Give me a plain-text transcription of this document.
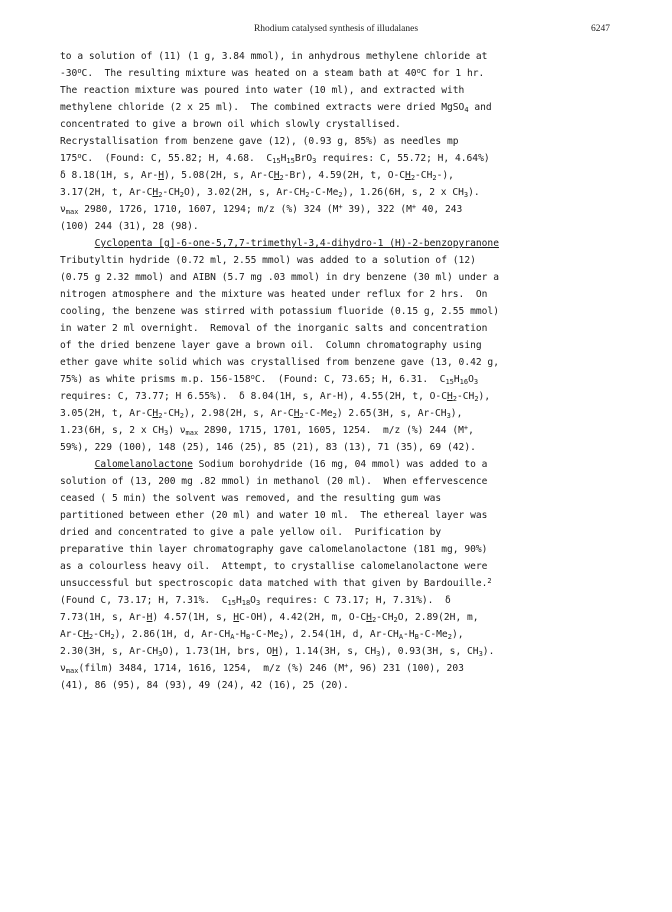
Rhodium catalysed synthesis of illudalanes	6247
to a solution of (11) (1 g, 3.84 mmol), in anhydrous methylene chloride at
-30$^o$C.  The resulting mixture was heated on a steam bath at 40$^o$C for 1 hr.
The reaction mixture was poured into water (10 ml), and extracted with
methylene chloride (2 x 25 ml).  The combined extracts were dried MgSO$_4$ and
concentrated to give a brown oil which slowly crystallised.
Recrystallisation from benzene gave (12), (0.93 g, 85%) as needles mp
175$^o$C.  (Found: C, 55.82; H, 4.68.  $C_{15}H_{15}BrO_3$ requires: C, 55.72; H, 4.64%)
δ 8.18(1H, s, Ar-H), 5.08(2H, s, $Ar-CH_2-Br$), 4.59(2H, t, $O-CH_2-CH_2-$),
3.17(2H, t, $Ar-CH_2-CH_2O$), 3.02(2H, s, $Ar-CH_2-C-Me_2$), 1.26(6H, s, 2 x $CH_3$).
$\nu_{max}$ 2980, 1726, 1710, 1607, 1294; m/z (%) 324 (M+ 39), 322 (M+ 40, 243
(100) 244 (31), 28 (98).
Cyclopenta [g]-6-one-5,7,7-trimethyl-3,4-dihydro-1 (H)-2-benzopyranone
Tributyltin hydride (0.72 ml, 2.55 mmol) was added to a solution of (12)
(0.75 g 2.32 mmol) and AIBN (5.7 mg .03 mmol) in dry benzene (30 ml) under a
nitrogen atmosphere and the mixture was heated under reflux for 2 hrs.  On
cooling, the benzene was stirred with potassium fluoride (0.15 g, 2.55 mmol)
in water 2 ml overnight.  Removal of the inorganic salts and concentration
of the dried benzene layer gave a brown oil.  Column chromatography using
ether gave white solid which was crystallised from benzene gave (13, 0.42 g,
75%) as white prisms m.p. 156-158$^o$C.  (Found: C, 73.65; H, 6.31.  $C_{15}H_{16}O_3$
requires: C, 73.77; H 6.55%).  δ 8.04(1H, s, Ar-H), 4.55(2H, t, $O-CH_2-CH_2$),
3.05(2H, t, $Ar-CH_2-CH_2$), 2.98(2H, s, $Ar-CH_2-C-Me_2$) 2.65(3H, s, $Ar-CH_3$),
1.23(6H, s, 2 x $CH_3$) $\nu_{max}$ 2890, 1715, 1701, 1605, 1254.  m/z (%) 244 (M+,
59%), 229 (100), 148 (25), 146 (25), 85 (21), 83 (13), 71 (35), 69 (42).
Calomelanolactone Sodium borohydride (16 mg, 04 mmol) was added to a
solution of (13, 200 mg .82 mmol) in methanol (20 ml).  When effervescence
ceased ( 5 min) the solvent was removed, and the resulting gum was
partitioned between ether (20 ml) and water 10 ml.  The ethereal layer was
dried and concentrated to give a pale yellow oil.  Purification by
preparative thin layer chromatography gave calomelanolactone (181 mg, 90%)
as a colourless heavy oil.  Attempt, to crystallise calomelanolactone were
unsuccessful but spectroscopic data matched with that given by Bardouille.$^2$
(Found C, 73.17; H, 7.31%.  $C_{15}H_{18}O_3$ requires: C 73.17; H, 7.31%).  δ
7.73(1H, s, Ar-H) 4.57(1H, s, HC-OH), 4.42(2H, m, $O-CH_2-CH_2O$, 2.89(2H, m,
$Ar-CH_2-CH_2$), 2.86(1H, d, $Ar-CH_A-H_B-C-Me_2$), 2.54(1H, d, $Ar-CH_A-H_B-C-Me_2$),
2.30(3H, s, $Ar-CH_3O$), 1.73(1H, brs, OH), 1.14(3H, s, $CH_3$), 0.93(3H, s, $CH_3$).
$\nu_{max}(film)$ 3484, 1714, 1616, 1254,  m/z (%) 246 (M+, 96) 231 (100), 203
(41), 86 (95), 84 (93), 49 (24), 42 (16), 25 (20).
